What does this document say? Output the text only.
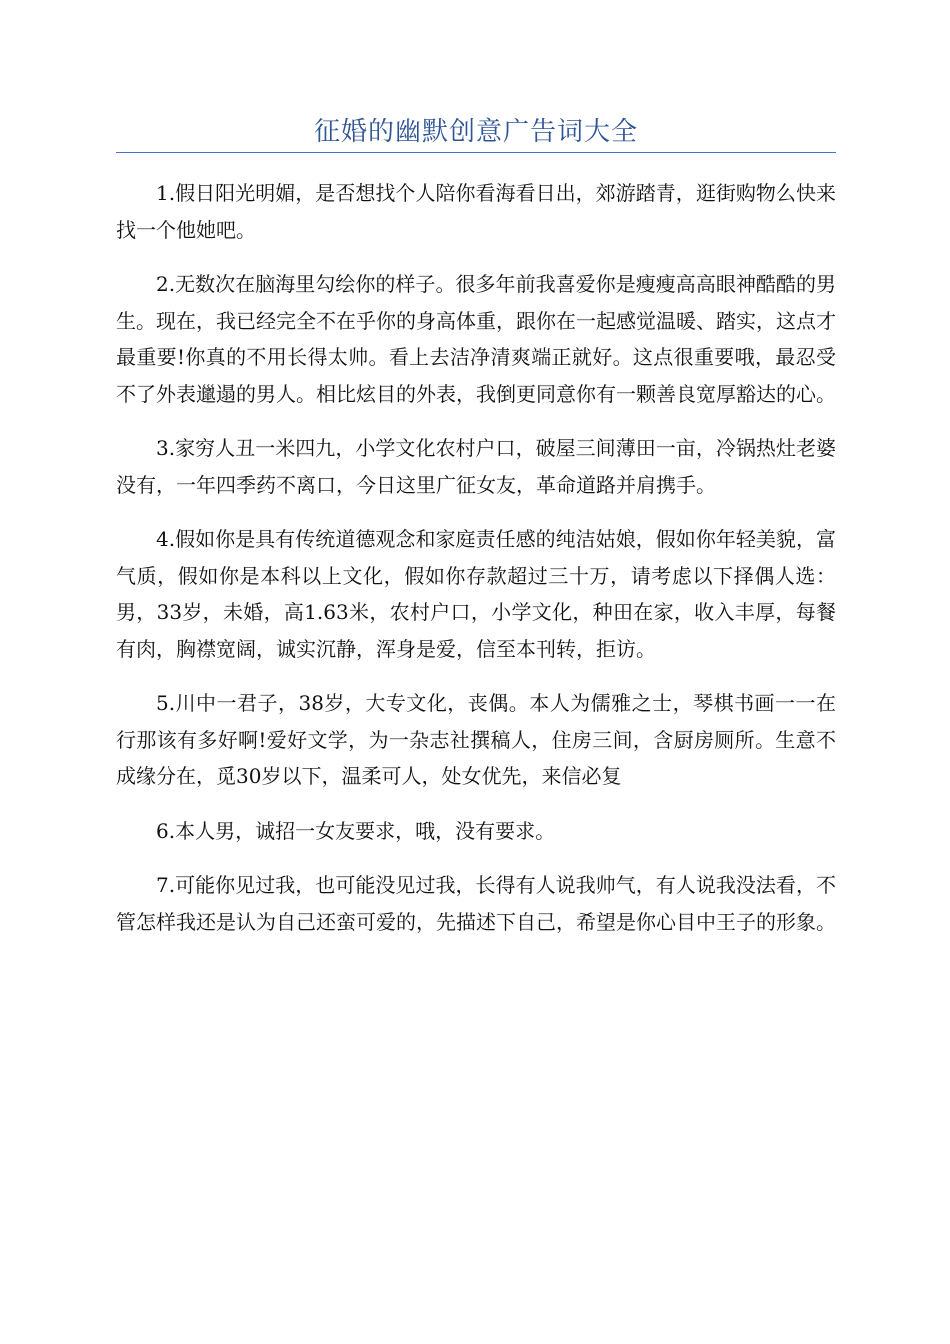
征婚的幽默创意广告词大全

1.假日阳光明媚，是否想找个人陪你看海看日出，郊游踏青，逛街购物么快来找一个他她吧。

2.无数次在脑海里勾绘你的样子。很多年前我喜爱你是瘦瘦高高眼神酷酷的男生。现在，我已经完全不在乎你的身高体重，跟你在一起感觉温暖、踏实，这点才最重要!你真的不用长得太帅。看上去洁净清爽端正就好。这点很重要哦，最忍受不了外表邋遢的男人。相比炫目的外表，我倒更同意你有一颗善良宽厚豁达的心。

3.家穷人丑一米四九，小学文化农村户口，破屋三间薄田一亩，冷锅热灶老婆没有，一年四季药不离口，今日这里广征女友，革命道路并肩携手。

4.假如你是具有传统道德观念和家庭责任感的纯洁姑娘，假如你年轻美貌，富气质，假如你是本科以上文化，假如你存款超过三十万，请考虑以下择偶人选：男，33岁，未婚，高1.63米，农村户口，小学文化，种田在家，收入丰厚，每餐有肉，胸襟宽阔，诚实沉静，浑身是爱，信至本刊转，拒访。

5.川中一君子，38岁，大专文化，丧偶。本人为儒雅之士，琴棋书画一一在行那该有多好啊!爱好文学，为一杂志社撰稿人，住房三间，含厨房厕所。生意不成缘分在，觅30岁以下，温柔可人，处女优先，来信必复

6.本人男，诚招一女友要求，哦，没有要求。

7.可能你见过我，也可能没见过我，长得有人说我帅气，有人说我没法看，不管怎样我还是认为自己还蛮可爱的，先描述下自己，希望是你心目中王子的形象。
